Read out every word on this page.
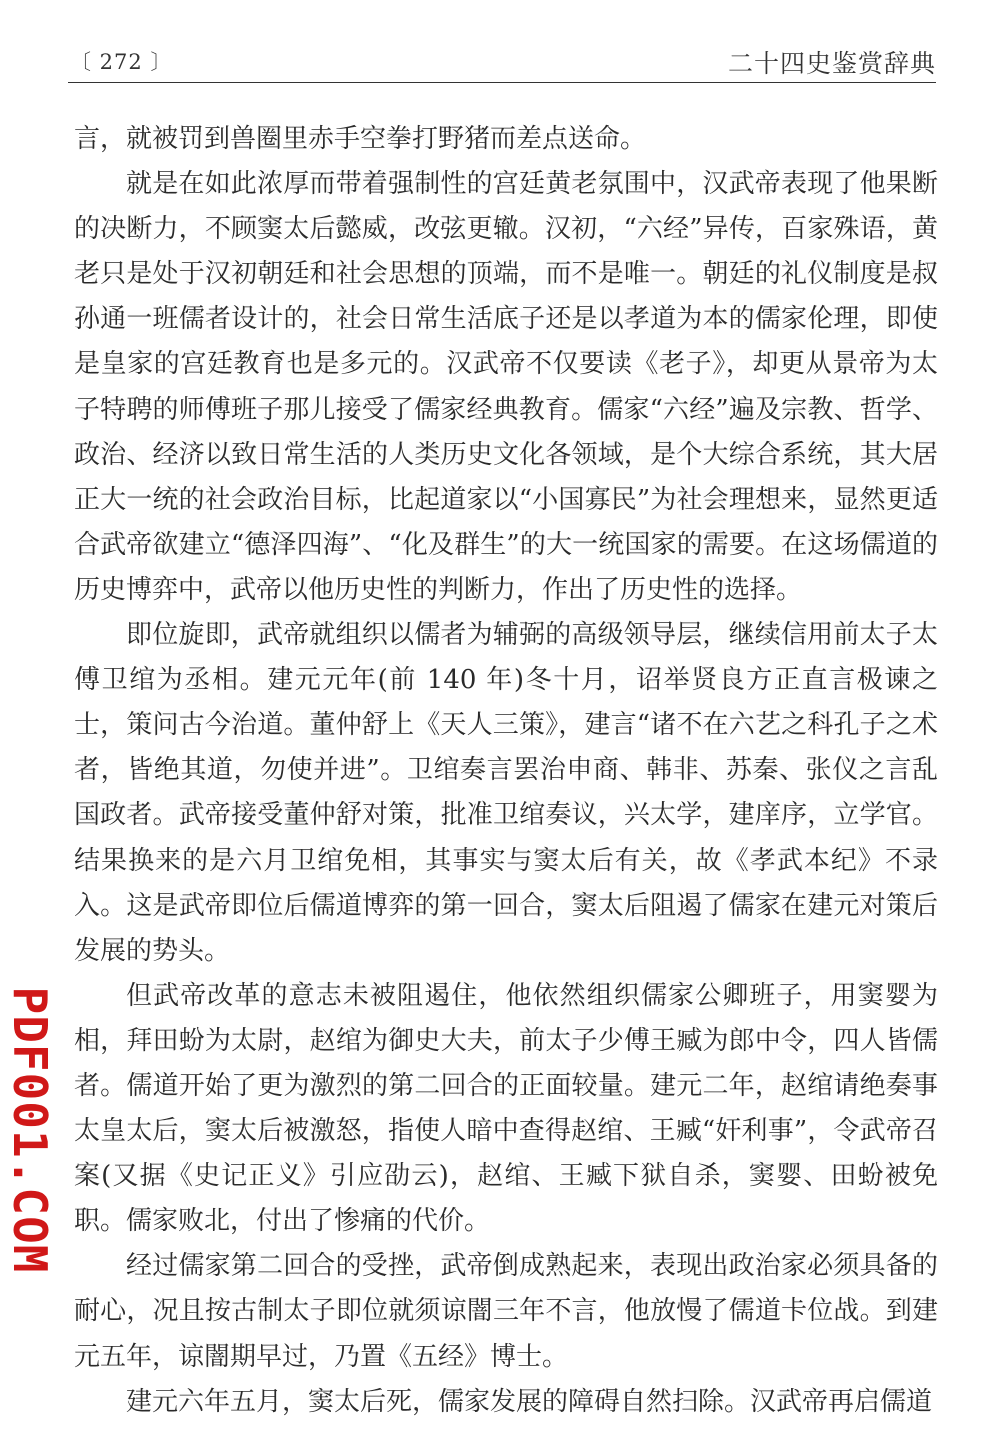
〔 272 〕	二十四史鉴赏辞典

言，就被罚到兽圈里赤手空拳打野猪而差点送命。

就是在如此浓厚而带着强制性的宫廷黄老氛围中，汉武帝表现了他果断的决断力，不顾窦太后懿威，改弦更辙。汉初，“六经”异传，百家殊语，黄老只是处于汉初朝廷和社会思想的顶端，而不是唯一。朝廷的礼仪制度是叔孙通一班儒者设计的，社会日常生活底子还是以孝道为本的儒家伦理，即使是皇家的宫廷教育也是多元的。汉武帝不仅要读《老子》，却更从景帝为太子特聘的师傅班子那儿接受了儒家经典教育。儒家“六经”遍及宗教、哲学、政治、经济以致日常生活的人类历史文化各领域，是个大综合系统，其大居正大一统的社会政治目标，比起道家以“小国寡民”为社会理想来，显然更适合武帝欲建立“德泽四海”、“化及群生”的大一统国家的需要。在这场儒道的历史博弈中，武帝以他历史性的判断力，作出了历史性的选择。

即位旋即，武帝就组织以儒者为辅弼的高级领导层，继续信用前太子太傅卫绾为丞相。建元元年(前 140 年)冬十月，诏举贤良方正直言极谏之士，策问古今治道。董仲舒上《天人三策》，建言“诸不在六艺之科孔子之术者，皆绝其道，勿使并进”。卫绾奏言罢治申商、韩非、苏秦、张仪之言乱国政者。武帝接受董仲舒对策，批准卫绾奏议，兴太学，建庠序，立学官。结果换来的是六月卫绾免相，其事实与窦太后有关，故《孝武本纪》不录入。这是武帝即位后儒道博弈的第一回合，窦太后阻遏了儒家在建元对策后发展的势头。

但武帝改革的意志未被阻遏住，他依然组织儒家公卿班子，用窦婴为相，拜田蚡为太尉，赵绾为御史大夫，前太子少傅王臧为郎中令，四人皆儒者。儒道开始了更为激烈的第二回合的正面较量。建元二年，赵绾请绝奏事太皇太后，窦太后被激怒，指使人暗中查得赵绾、王臧“奸利事”，令武帝召案(又据《史记正义》引应劭云)，赵绾、王臧下狱自杀，窦婴、田蚡被免职。儒家败北，付出了惨痛的代价。

经过儒家第二回合的受挫，武帝倒成熟起来，表现出政治家必须具备的耐心，况且按古制太子即位就须谅闇三年不言，他放慢了儒道卡位战。到建元五年，谅闇期早过，乃置《五经》博士。

建元六年五月，窦太后死，儒家发展的障碍自然扫除。汉武帝再启儒道

PDF001.COM
